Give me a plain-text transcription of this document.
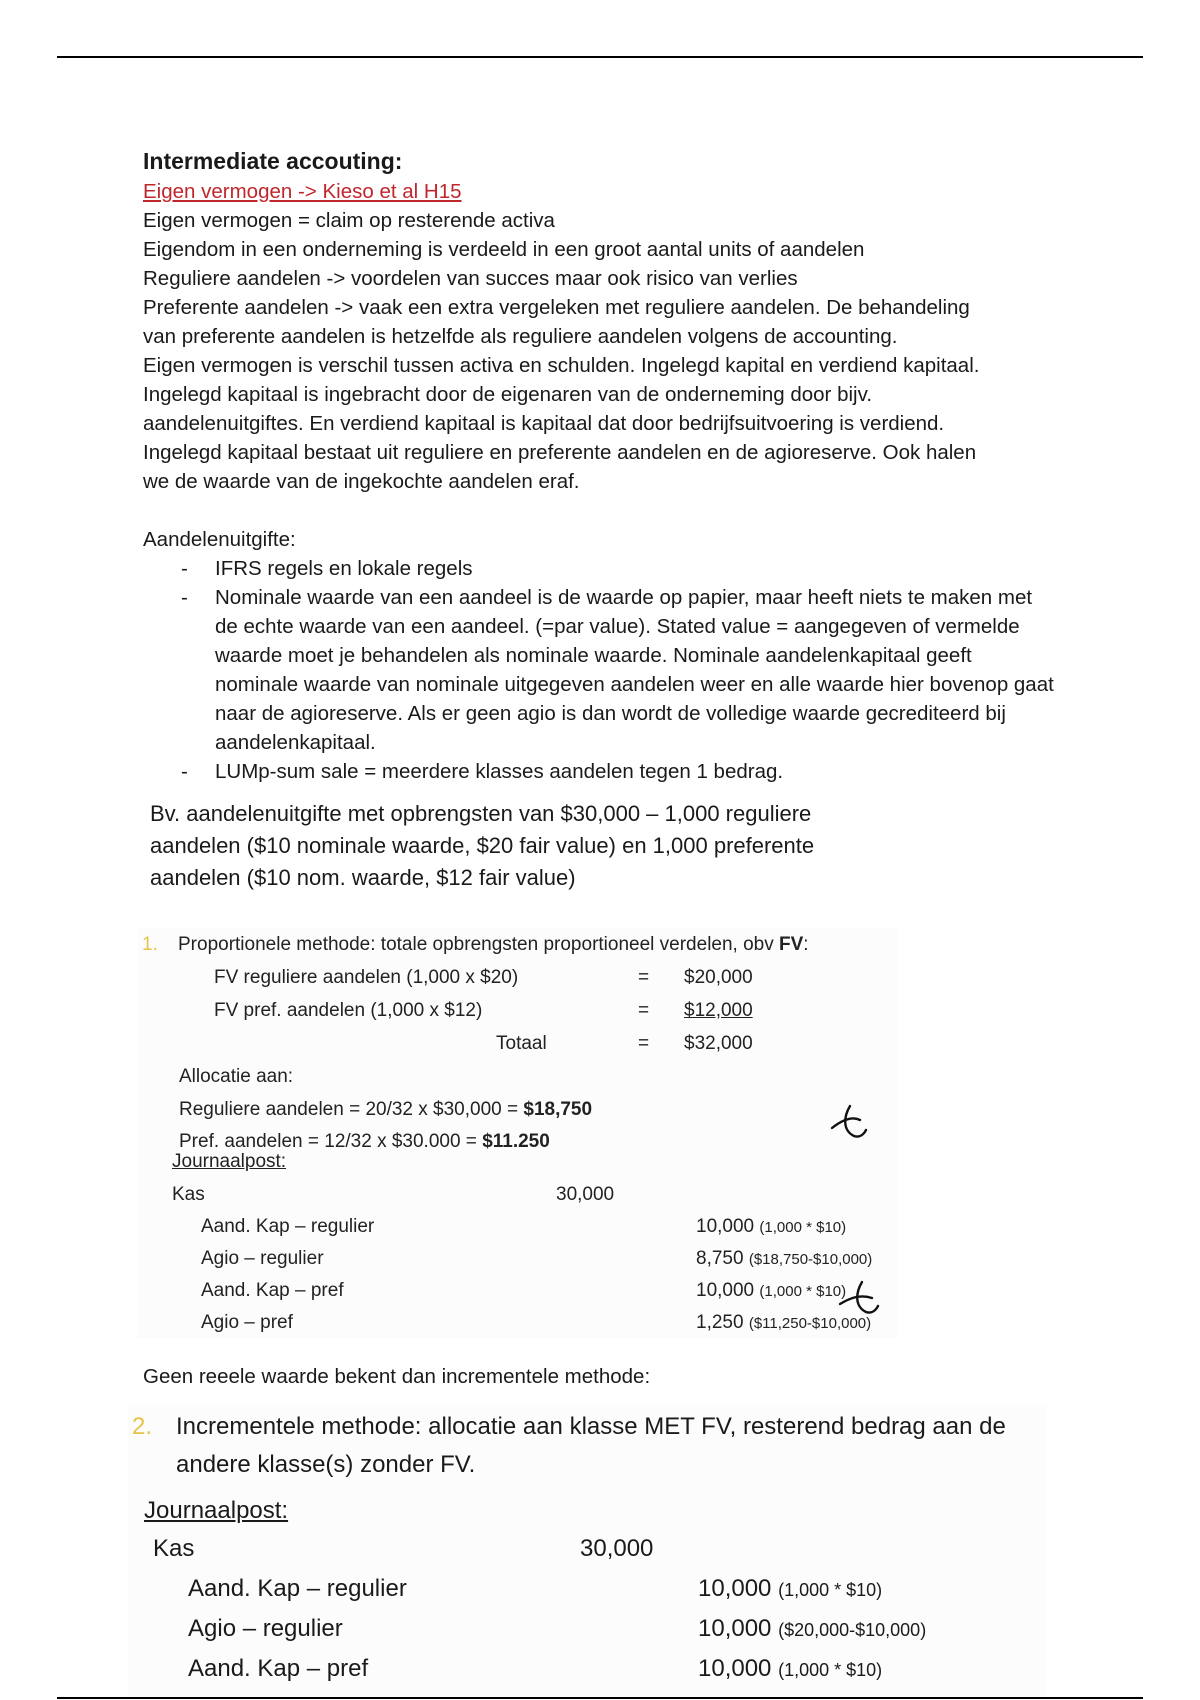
Intermediate accouting:
Eigen vermogen -> Kieso et al H15
Eigen vermogen = claim op resterende activa
Eigendom in een onderneming is verdeeld in een groot aantal units of aandelen
Reguliere aandelen -> voordelen van succes maar ook risico van verlies
Preferente aandelen -> vaak een extra vergeleken met reguliere aandelen. De behandeling
van preferente aandelen is hetzelfde als reguliere aandelen volgens de accounting.
Eigen vermogen is verschil tussen activa en schulden. Ingelegd kapital en verdiend kapitaal.
Ingelegd kapitaal is ingebracht door de eigenaren van de onderneming door bijv.
aandelenuitgiftes. En verdiend kapitaal is kapitaal dat door bedrijfsuitvoering is verdiend.
Ingelegd kapitaal bestaat uit reguliere en preferente aandelen en de agioreserve. Ook halen
we de waarde van de ingekochte aandelen eraf.
Aandelenuitgifte:
- IFRS regels en lokale regels
- Nominale waarde van een aandeel is de waarde op papier, maar heeft niets te maken met de echte waarde van een aandeel. (=par value). Stated value = aangegeven of vermelde waarde moet je behandelen als nominale waarde. Nominale aandelenkapitaal geeft nominale waarde van nominale uitgegeven aandelen weer en alle waarde hier bovenop gaat naar de agioreserve. Als er geen agio is dan wordt de volledige waarde gecrediteerd bij aandelenkapitaal.
- LUMp-sum sale = meerdere klasses aandelen tegen 1 bedrag.
Bv. aandelenuitgifte met opbrengsten van $30,000 – 1,000 reguliere
aandelen ($10 nominale waarde, $20 fair value) en 1,000 preferente
aandelen ($10 nom. waarde, $12 fair value)
1. Proportionele methode: totale opbrengsten proportioneel verdelen, obv FV:
FV reguliere aandelen (1,000 x $20)	= $20,000
FV pref. aandelen (1,000 x $12)	= $12,000
Totaal	= $32,000
Allocatie aan:
Reguliere aandelen = 20/32 x $30,000 = $18,750
Pref. aandelen = 12/32 x $30.000 = $11.250
Journaalpost:
Kas	30,000
Aand. Kap – regulier	10,000 (1,000 * $10)
Agio – regulier	8,750 ($18,750-$10,000)
Aand. Kap – pref	10,000 (1,000 * $10)
Agio – pref	1,250 ($11,250-$10,000)
Geen reeele waarde bekent dan incrementele methode:
2. Incrementele methode: allocatie aan klasse MET FV, resterend bedrag aan de
andere klasse(s) zonder FV.
Journaalpost:
Kas	30,000
Aand. Kap – regulier	10,000 (1,000 * $10)
Agio – regulier	10,000 ($20,000-$10,000)
Aand. Kap – pref	10,000 (1,000 * $10)
